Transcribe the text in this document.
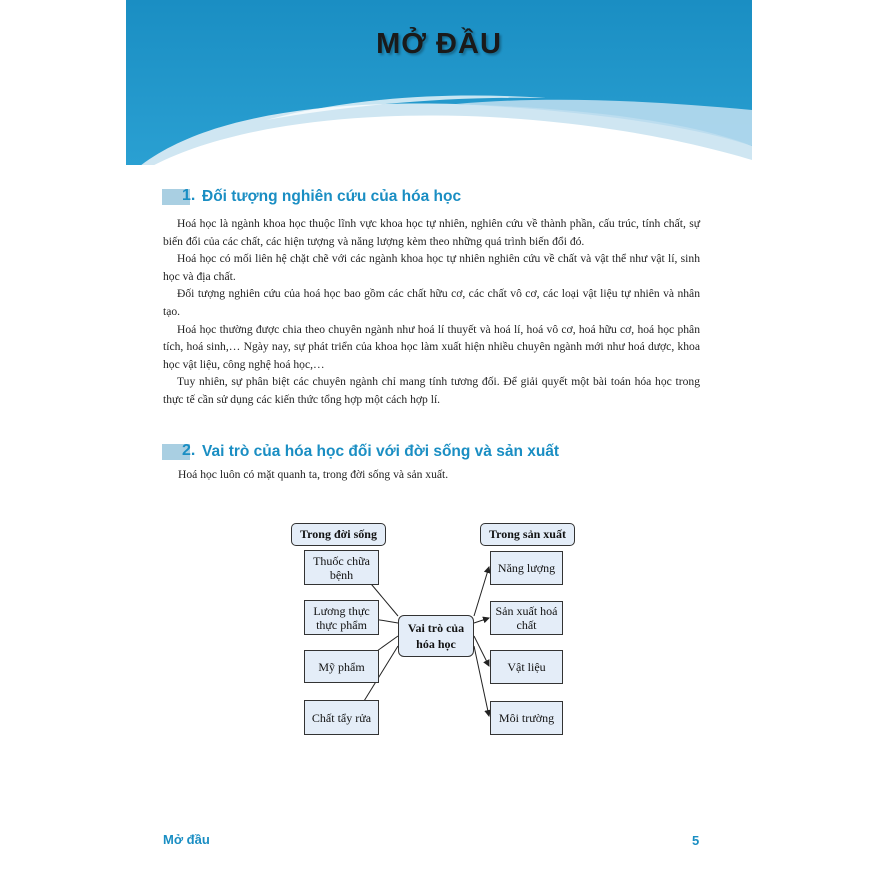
MỞ ĐẦU
1. Đối tượng nghiên cứu của hóa học

Hoá học là ngành khoa học thuộc lĩnh vực khoa học tự nhiên, nghiên cứu về thành phần, cấu trúc, tính chất, sự biến đổi của các chất, các hiện tượng và năng lượng kèm theo những quá trình biến đổi đó.

Hoá học có mối liên hệ chặt chẽ với các ngành khoa học tự nhiên nghiên cứu về chất và vật thể như vật lí, sinh học và địa chất.

Đối tượng nghiên cứu của hoá học bao gồm các chất hữu cơ, các chất vô cơ, các loại vật liệu tự nhiên và nhân tạo.

Hoá học thường được chia theo chuyên ngành như hoá lí thuyết và hoá lí, hoá vô cơ, hoá hữu cơ, hoá học phân tích, hoá sinh,… Ngày nay, sự phát triển của khoa học làm xuất hiện nhiều chuyên ngành mới như hoá dược, khoa học vật liệu, công nghệ hoá học,…

Tuy nhiên, sự phân biệt các chuyên ngành chỉ mang tính tương đối. Để giải quyết một bài toán hóa học trong thực tế cần sử dụng các kiến thức tổng hợp một cách hợp lí.

2. Vai trò của hóa học đối với đời sống và sản xuất
Hoá học luôn có mặt quanh ta, trong đời sống và sản xuất.
Trong đời sống	Trong sản xuất
Thuốc chữa bệnh
Lương thực thực phẩm
Mỹ phẩm
Chất tẩy rửa
Vai trò của hóa học
Năng lượng
Sản xuất hoá chất
Vật liệu
Môi trường
Mở đầu	5
